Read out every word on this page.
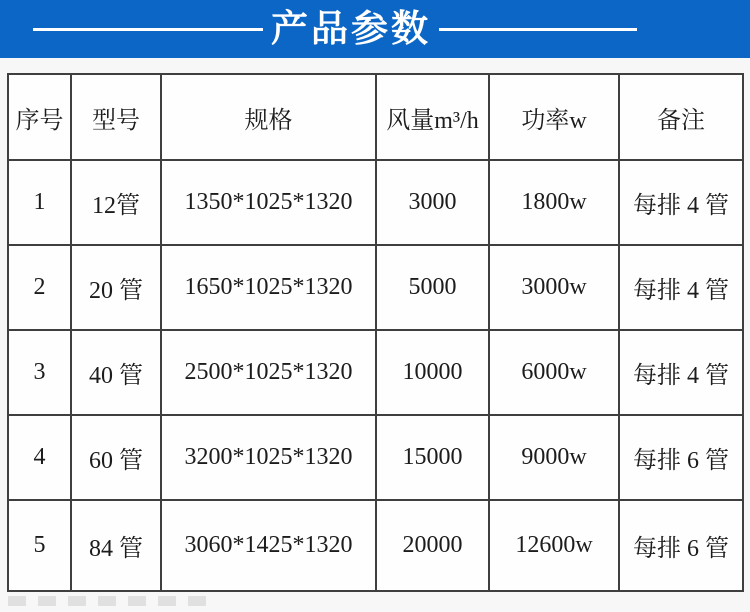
产品参数
序号	型号	规格	风量m³/h	功率w	备注
1	12管	1350*1025*1320	3000	1800w	每排 4 管
2	20 管	1650*1025*1320	5000	3000w	每排 4 管
3	40 管	2500*1025*1320	10000	6000w	每排 4 管
4	60 管	3200*1025*1320	15000	9000w	每排 6 管
5	84 管	3060*1425*1320	20000	12600w	每排 6 管
